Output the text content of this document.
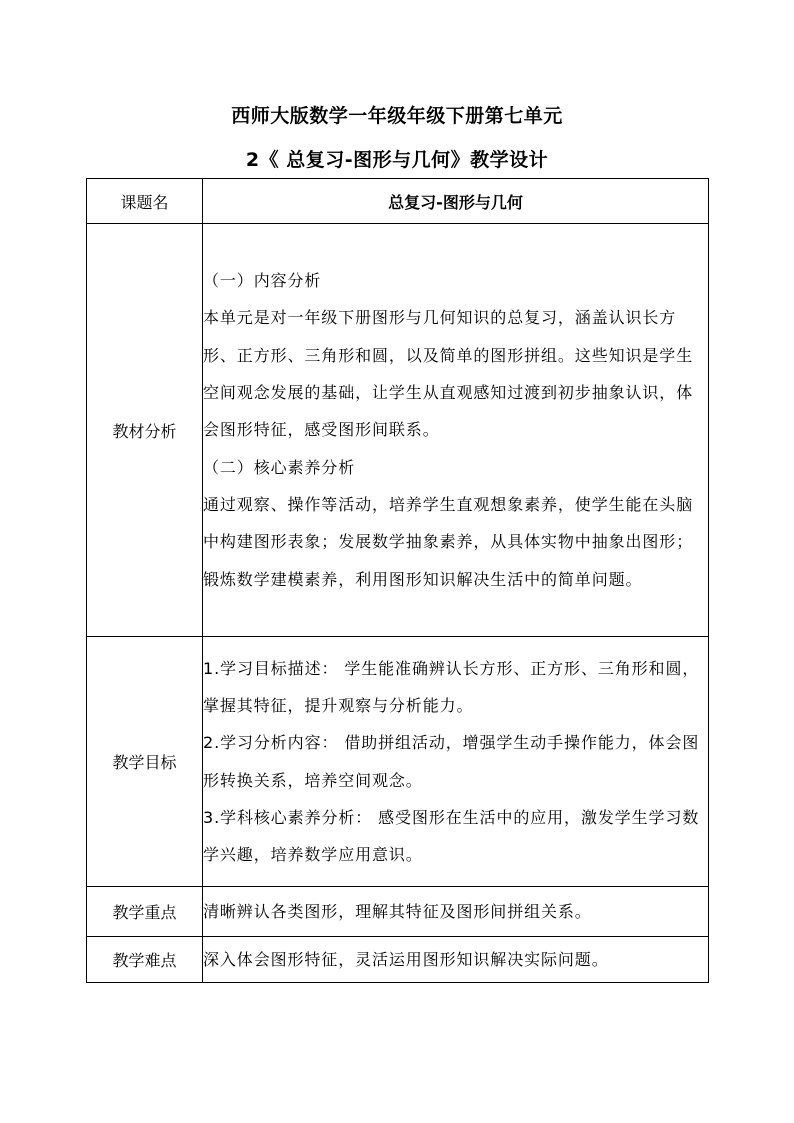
西师大版数学一年级年级下册第七单元
2《 总复习-图形与几何》教学设计
课题名	总复习-图形与几何
教材分析	（一）内容分析

本单元是对一年级下册图形与几何知识的总复习，涵盖认识长方形、正方形、三角形和圆，以及简单的图形拼组。这些知识是学生空间观念发展的基础，让学生从直观感知过渡到初步抽象认识，体会图形特征，感受图形间联系。

（二）核心素养分析

通过观察、操作等活动，培养学生直观想象素养，使学生能在头脑中构建图形表象；发展数学抽象素养，从具体实物中抽象出图形；锻炼数学建模素养，利用图形知识解决生活中的简单问题。

教学目标	1.学习目标描述： 学生能准确辨认长方形、正方形、三角形和圆，掌握其特征，提升观察与分析能力。

2.学习分析内容： 借助拼组活动，增强学生动手操作能力，体会图形转换关系，培养空间观念。

3.学科核心素养分析： 感受图形在生活中的应用，激发学生学习数学兴趣，培养数学应用意识。

教学重点	清晰辨认各类图形，理解其特征及图形间拼组关系。
教学难点	深入体会图形特征，灵活运用图形知识解决实际问题。
